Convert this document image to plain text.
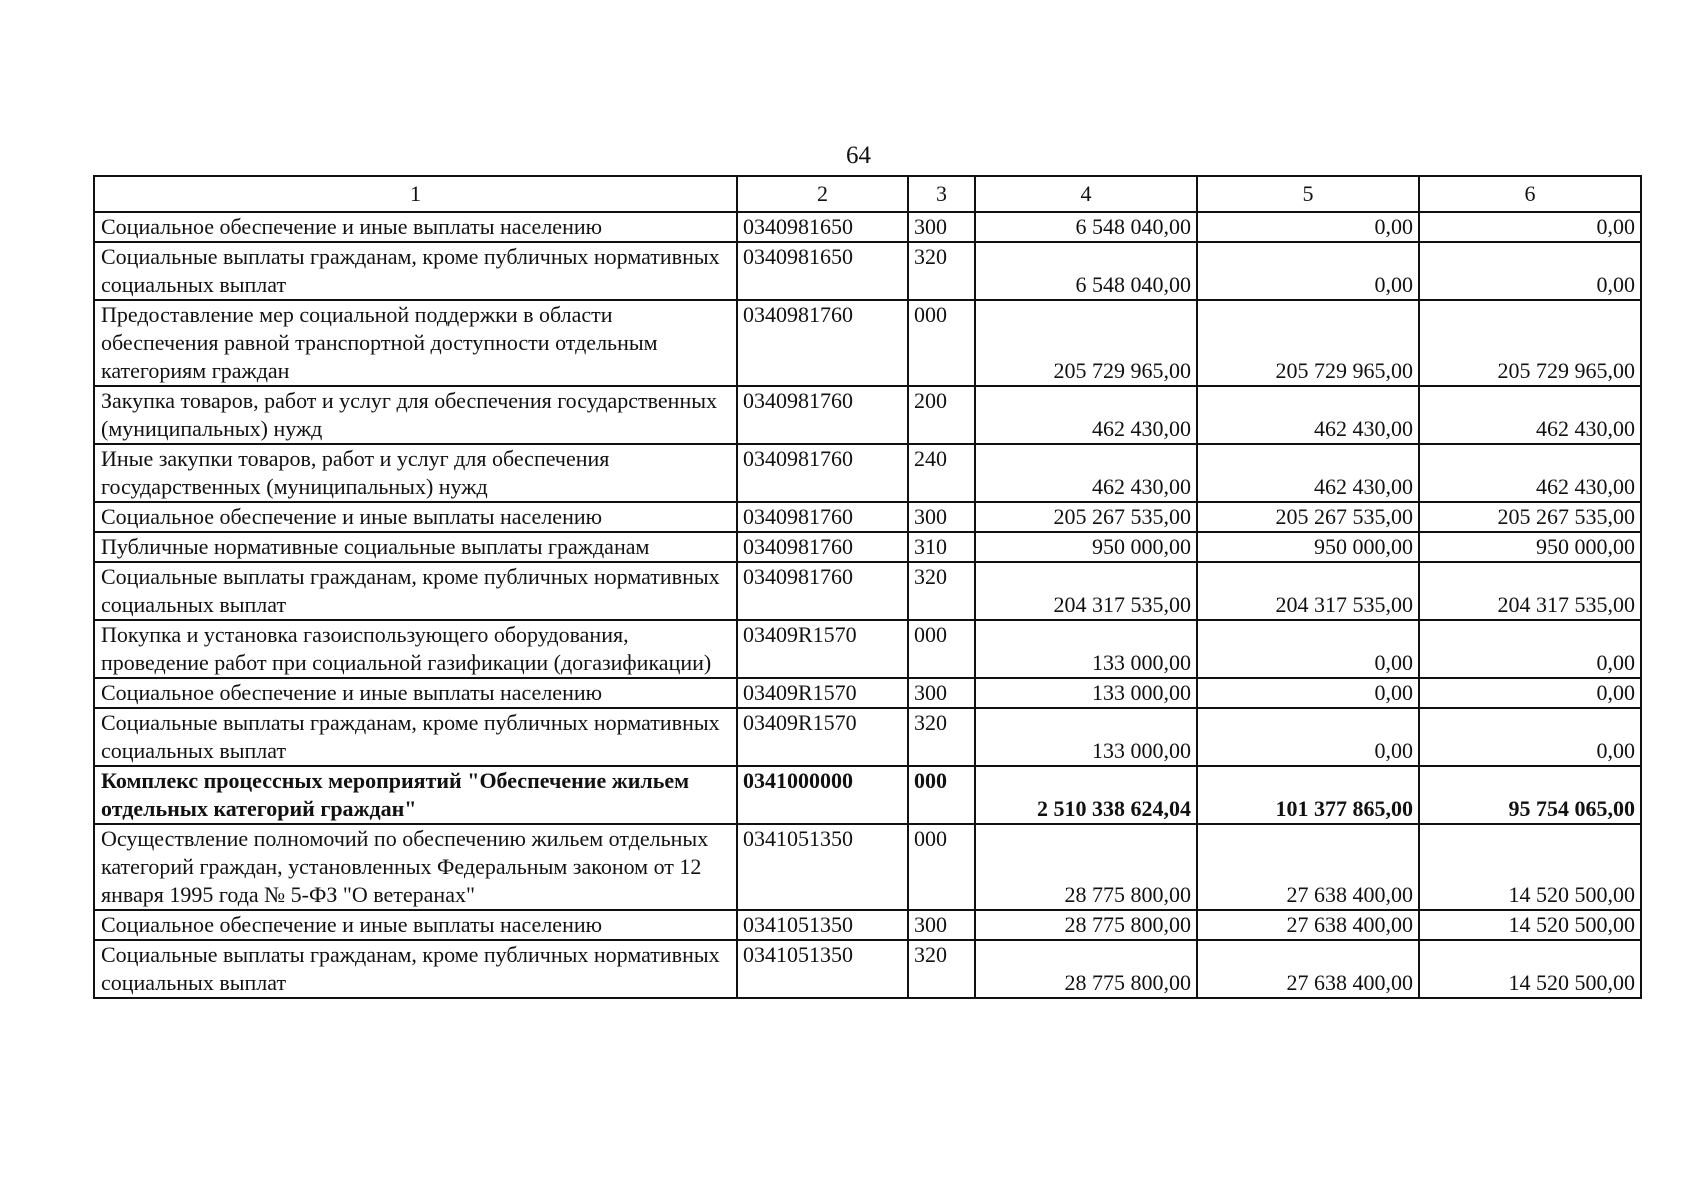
64
1	2	3	4	5	6
Социальное обеспечение и иные выплаты населению	0340981650	300	6 548 040,00	0,00	0,00
Социальные выплаты гражданам, кроме публичных нормативных социальных выплат	0340981650	320	6 548 040,00	0,00	0,00
Предоставление мер социальной поддержки в области обеспечения равной транспортной доступности отдельным категориям граждан	0340981760	000	205 729 965,00	205 729 965,00	205 729 965,00
Закупка товаров, работ и услуг для обеспечения государственных (муниципальных) нужд	0340981760	200	462 430,00	462 430,00	462 430,00
Иные закупки товаров, работ и услуг для обеспечения государственных (муниципальных) нужд	0340981760	240	462 430,00	462 430,00	462 430,00
Социальное обеспечение и иные выплаты населению	0340981760	300	205 267 535,00	205 267 535,00	205 267 535,00
Публичные нормативные социальные выплаты гражданам	0340981760	310	950 000,00	950 000,00	950 000,00
Социальные выплаты гражданам, кроме публичных нормативных социальных выплат	0340981760	320	204 317 535,00	204 317 535,00	204 317 535,00
Покупка и установка газоиспользующего оборудования, проведение работ при социальной газификации (догазификации)	03409R1570	000	133 000,00	0,00	0,00
Социальное обеспечение и иные выплаты населению	03409R1570	300	133 000,00	0,00	0,00
Социальные выплаты гражданам, кроме публичных нормативных социальных выплат	03409R1570	320	133 000,00	0,00	0,00
Комплекс процессных мероприятий "Обеспечение жильем отдельных категорий граждан"	0341000000	000	2 510 338 624,04	101 377 865,00	95 754 065,00
Осуществление полномочий по обеспечению жильем отдельных категорий граждан, установленных Федеральным законом от 12 января 1995 года № 5-ФЗ "О ветеранах"	0341051350	000	28 775 800,00	27 638 400,00	14 520 500,00
Социальное обеспечение и иные выплаты населению	0341051350	300	28 775 800,00	27 638 400,00	14 520 500,00
Социальные выплаты гражданам, кроме публичных нормативных социальных выплат	0341051350	320	28 775 800,00	27 638 400,00	14 520 500,00
